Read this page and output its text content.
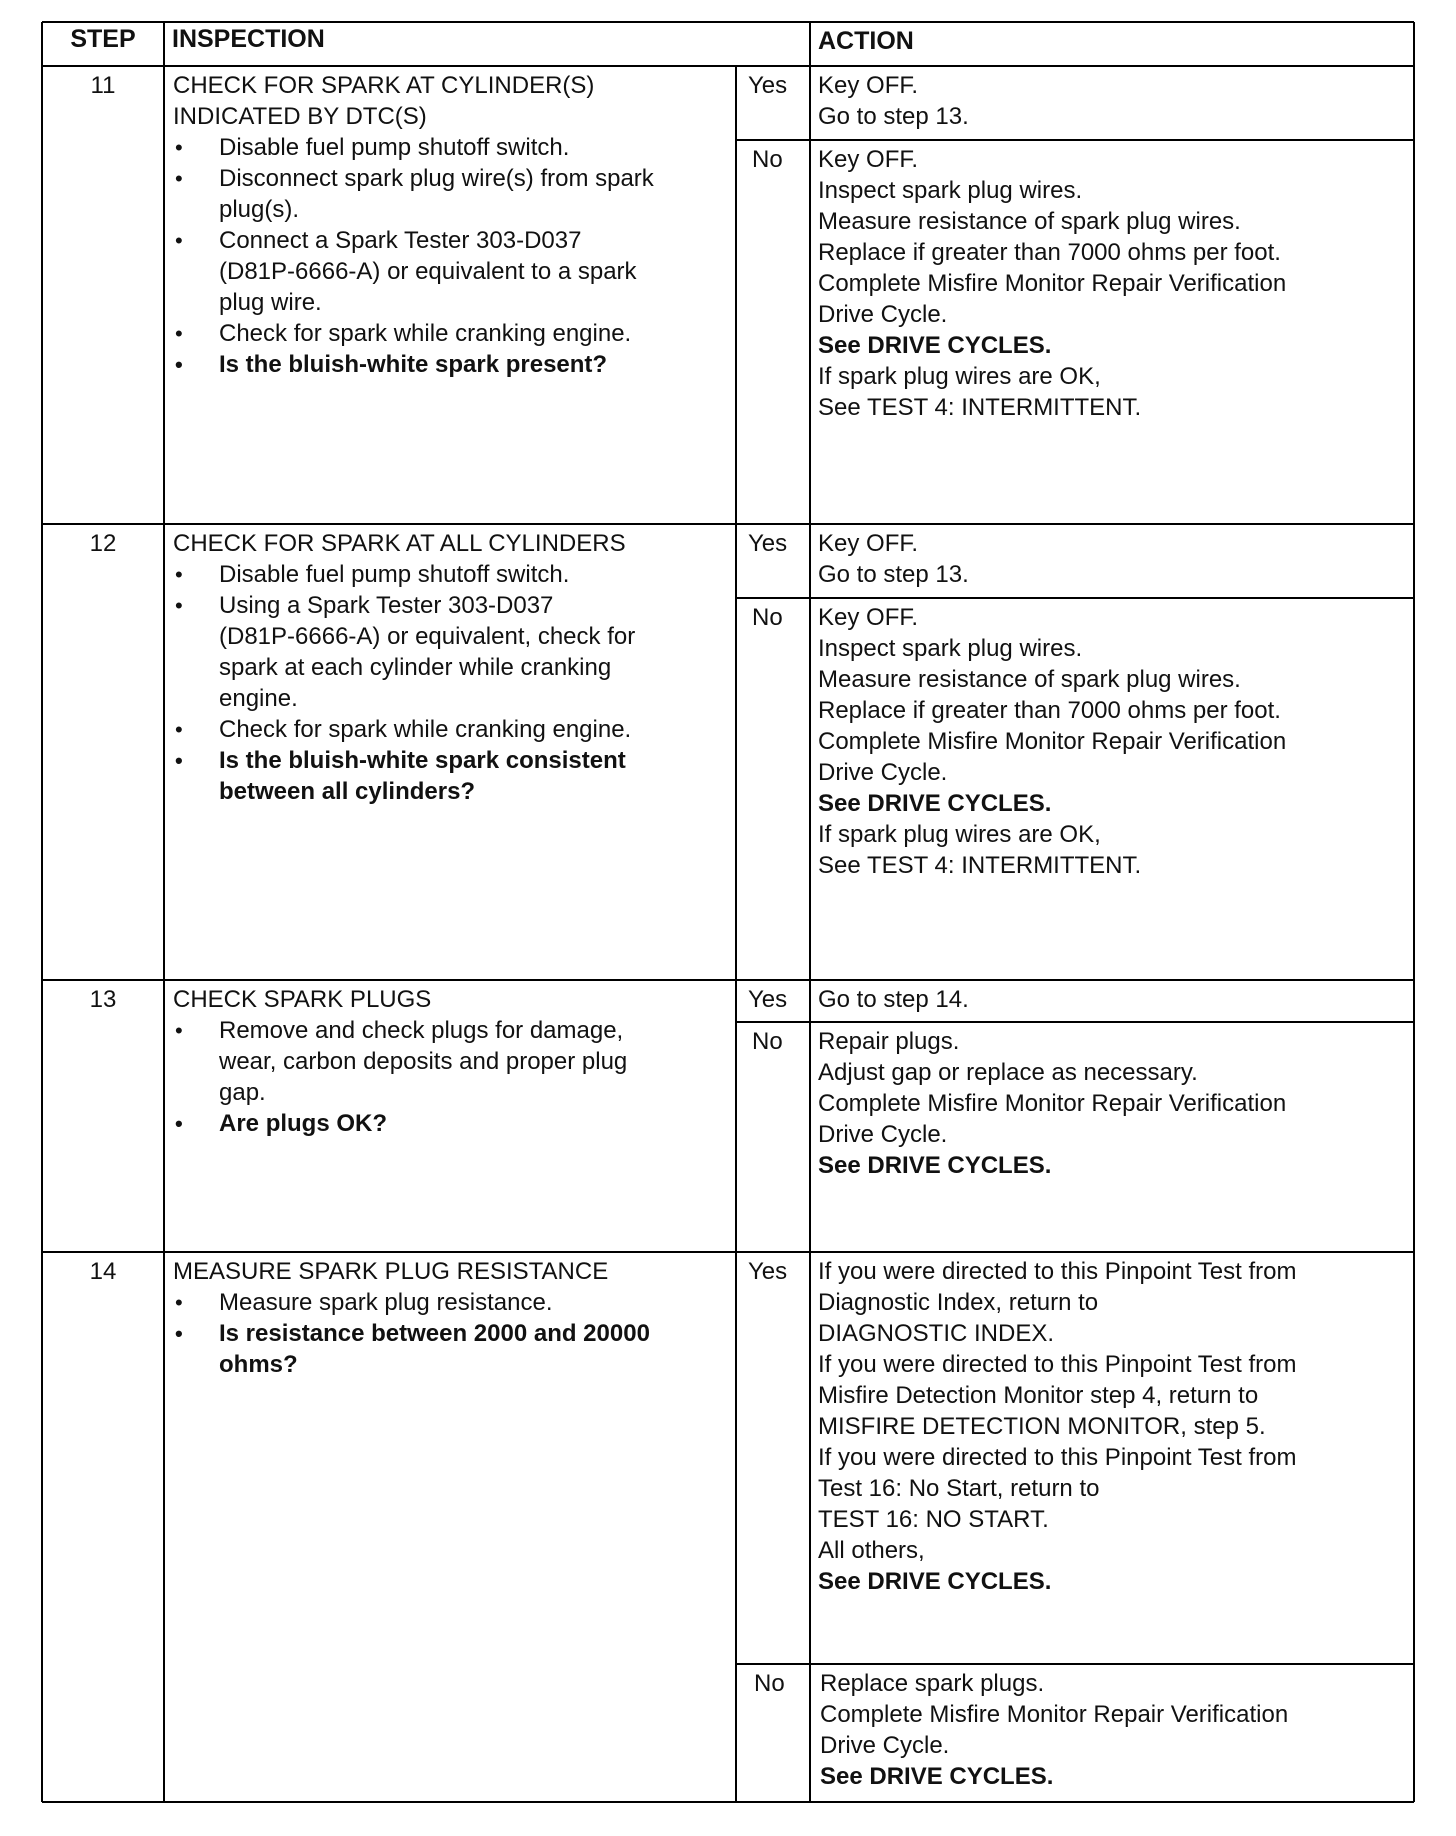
STEP	INSPECTION	ACTION
11	CHECK FOR SPARK AT CYLINDER(S)
INDICATED BY DTC(S)
• Disable fuel pump shutoff switch.
• Disconnect spark plug wire(s) from spark
plug(s).
• Connect a Spark Tester 303-D037
(D81P-6666-A) or equivalent to a spark
plug wire.
• Check for spark while cranking engine.
• Is the bluish-white spark present?
Yes Key OFF.
Go to step 13.
No Key OFF.
Inspect spark plug wires.
Measure resistance of spark plug wires.
Replace if greater than 7000 ohms per foot.
Complete Misfire Monitor Repair Verification
Drive Cycle.
See DRIVE CYCLES.
If spark plug wires are OK,
See TEST 4: INTERMITTENT.
12	CHECK FOR SPARK AT ALL CYLINDERS
• Disable fuel pump shutoff switch.
• Using a Spark Tester 303-D037
(D81P-6666-A) or equivalent, check for
spark at each cylinder while cranking
engine.
• Check for spark while cranking engine.
• Is the bluish-white spark consistent
between all cylinders?
Yes Key OFF.
Go to step 13.
No Key OFF.
Inspect spark plug wires.
Measure resistance of spark plug wires.
Replace if greater than 7000 ohms per foot.
Complete Misfire Monitor Repair Verification
Drive Cycle.
See DRIVE CYCLES.
If spark plug wires are OK,
See TEST 4: INTERMITTENT.
13	CHECK SPARK PLUGS
• Remove and check plugs for damage,
wear, carbon deposits and proper plug
gap.
• Are plugs OK?
Yes Go to step 14.
No Repair plugs.
Adjust gap or replace as necessary.
Complete Misfire Monitor Repair Verification
Drive Cycle.
See DRIVE CYCLES.
14	MEASURE SPARK PLUG RESISTANCE
• Measure spark plug resistance.
• Is resistance between 2000 and 20000
ohms?
Yes If you were directed to this Pinpoint Test from
Diagnostic Index, return to
DIAGNOSTIC INDEX.
If you were directed to this Pinpoint Test from
Misfire Detection Monitor step 4, return to
MISFIRE DETECTION MONITOR, step 5.
If you were directed to this Pinpoint Test from
Test 16: No Start, return to
TEST 16: NO START.
All others,
See DRIVE CYCLES.
No Replace spark plugs.
Complete Misfire Monitor Repair Verification
Drive Cycle.
See DRIVE CYCLES.
